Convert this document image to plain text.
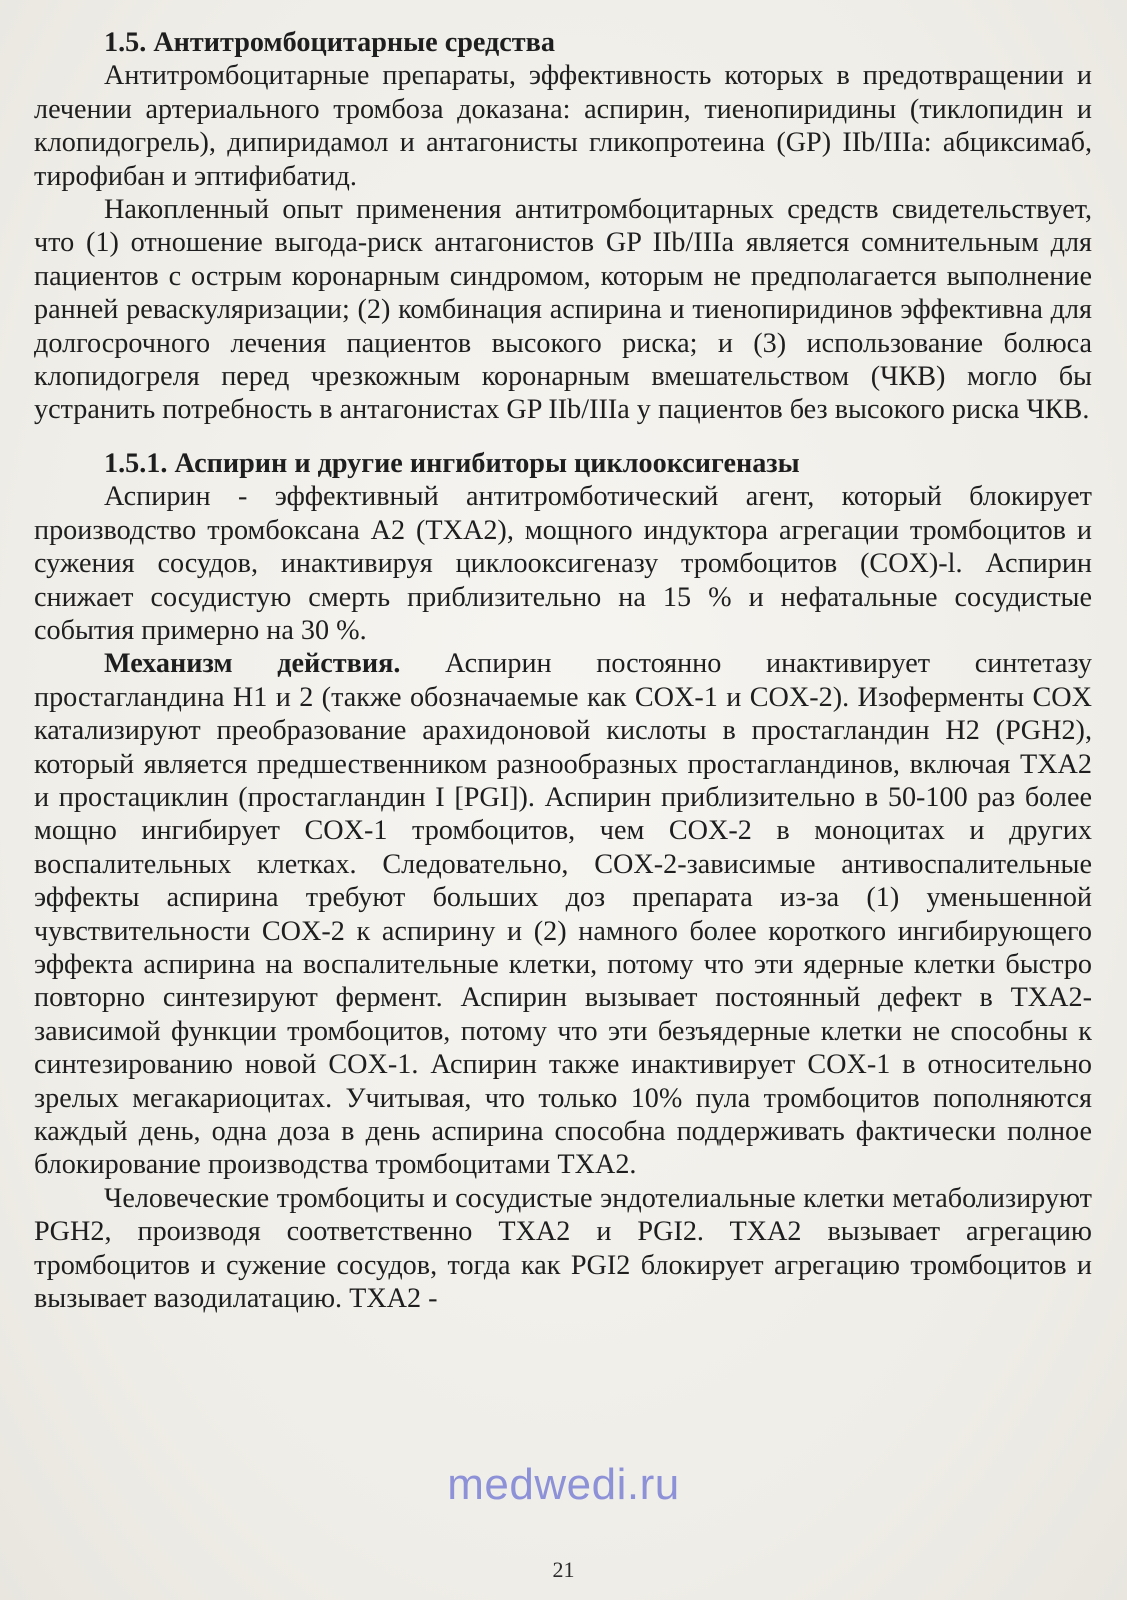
1.5. Антитромбоцитарные средства

Антитромбоцитарные препараты, эффективность которых в предотвращении и лечении артериального тромбоза доказана: аспирин, тиенопиридины (тиклопидин и клопидогрель), дипиридамол и антагонисты гликопротеина (GP) IIb/IIIa: абциксимаб, тирофибан и эптифибатид.

Накопленный опыт применения антитромбоцитарных средств свидетельствует, что (1) отношение выгода-риск антагонистов GP IIb/IIIa является сомнительным для пациентов с острым коронарным синдромом, которым не предполагается выполнение ранней реваскуляризации; (2) комбинация аспирина и тиенопиридинов эффективна для долгосрочного лечения пациентов высокого риска; и (3) использование болюса клопидогреля перед чрезкожным коронарным вмешательством (ЧКВ) могло бы устранить потребность в антагонистах GP IIb/IIIa у пациентов без высокого риска ЧКВ.

1.5.1. Аспирин и другие ингибиторы циклооксигеназы

Аспирин - эффективный антитромботический агент, который блокирует производство тромбоксана A2 (TXA2), мощного индуктора агрегации тромбоцитов и сужения сосудов, инактивируя циклооксигеназу тромбоцитов (COX)-l. Аспирин снижает сосудистую смерть приблизительно на 15 % и нефатальные сосудистые события примерно на 30 %.

Механизм действия. Аспирин постоянно инактивирует синтетазу простагландина H1 и 2 (также обозначаемые как COX-1 и COX-2). Изоферменты COX катализируют преобразование арахидоновой кислоты в простагландин H2 (PGH2), который является предшественником разнообразных простагландинов, включая TXA2 и простациклин (простагландин I [PGI]). Аспирин приблизительно в 50-100 раз более мощно ингибирует COX-1 тромбоцитов, чем COX-2 в моноцитах и других воспалительных клетках. Следовательно, COX-2-зависимые антивоспалительные эффекты аспирина требуют больших доз препарата из-за (1) уменьшенной чувствительности COX-2 к аспирину и (2) намного более короткого ингибирующего эффекта аспирина на воспалительные клетки, потому что эти ядерные клетки быстро повторно синтезируют фермент. Аспирин вызывает постоянный дефект в TXA2-зависимой функции тромбоцитов, потому что эти безъядерные клетки не способны к синтезированию новой COX-1. Аспирин также инактивирует COX-1 в относительно зрелых мегакариоцитах. Учитывая, что только 10% пула тромбоцитов пополняются каждый день, одна доза в день аспирина способна поддерживать фактически полное блокирование производства тромбоцитами TXA2.

Человеческие тромбоциты и сосудистые эндотелиальные клетки метаболизируют PGH2, производя соответственно TXA2 и PGI2. TXA2 вызывает агрегацию тромбоцитов и сужение сосудов, тогда как PGI2 блокирует агрегацию тромбоцитов и вызывает вазодилатацию. TXA2 -

medwedi.ru
21
